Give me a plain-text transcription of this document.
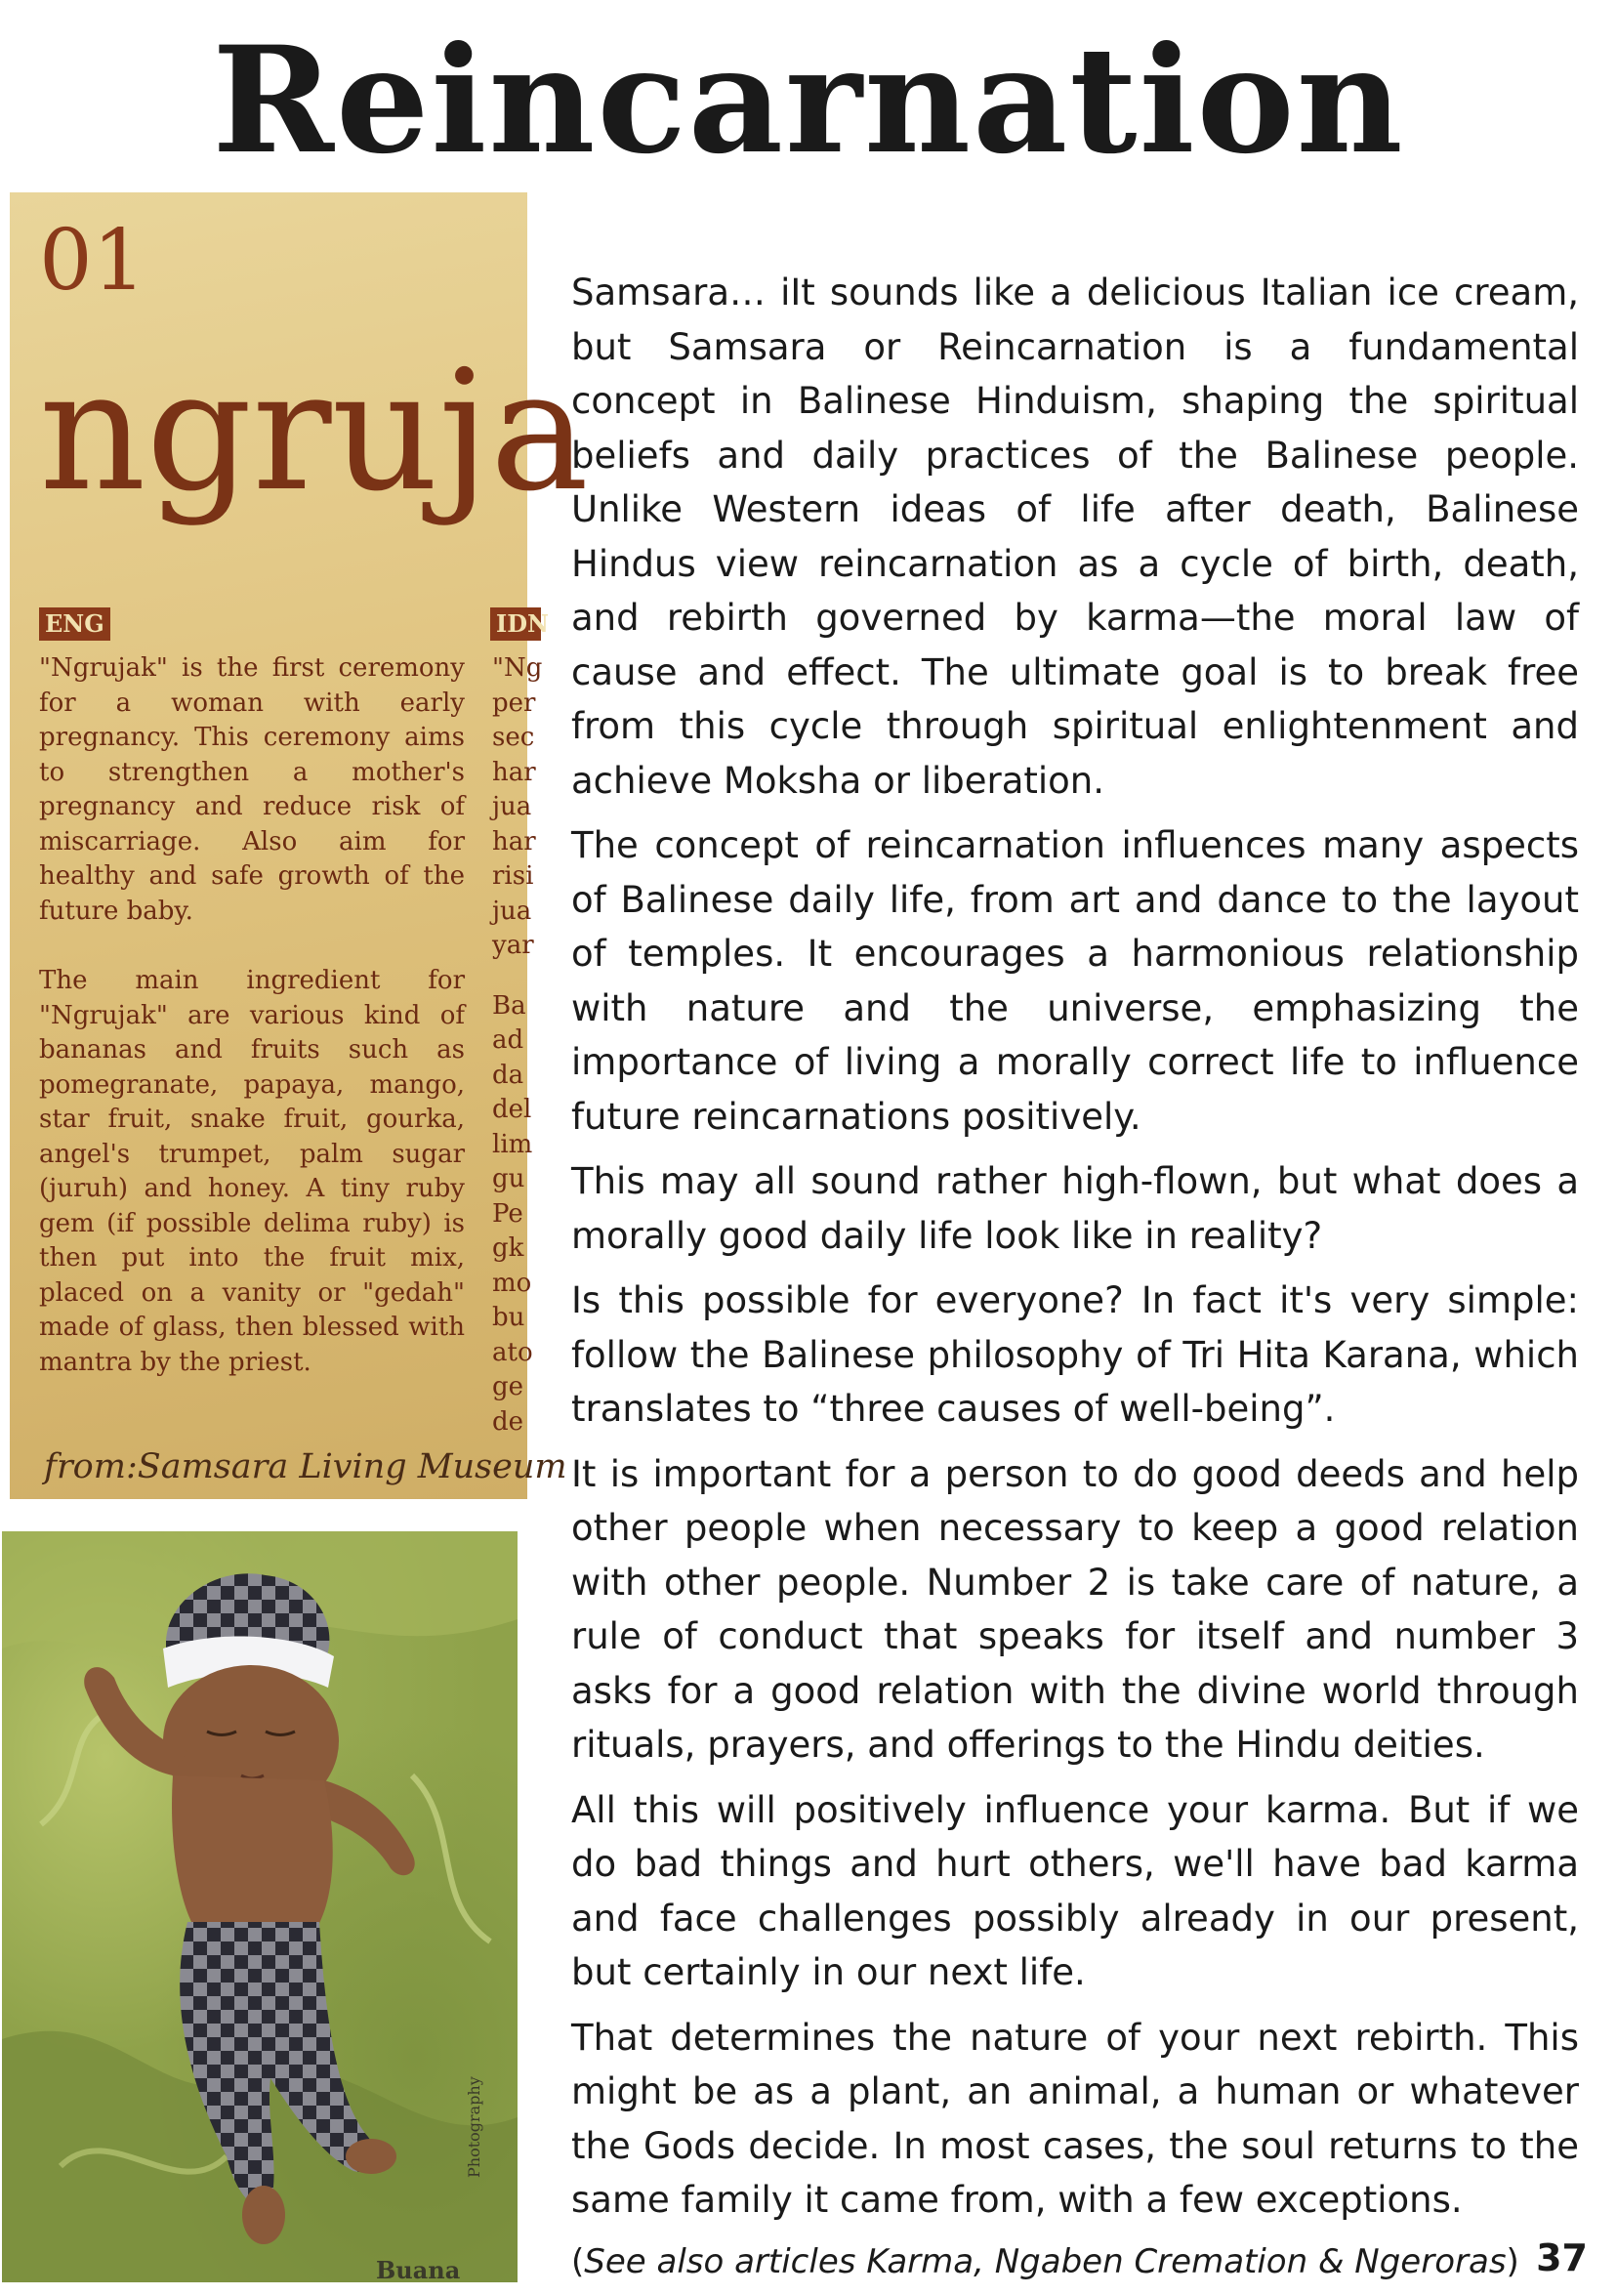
Reincarnation
01
ngruja
ENG	IDN
"Ngrujak" is the first ceremony for a woman with early pregnancy. This ceremony aims to strengthen a mother's pregnancy and reduce risk of miscarriage. Also aim for healthy and safe growth of the future baby.
The main ingredient for "Ngrujak" are various kind of bananas and fruits such as pomegranate, papaya, mango, star fruit, snake fruit, gourka, angel's trumpet, palm sugar (juruh) and honey. A tiny ruby gem (if possible delima ruby) is then put into the fruit mix, placed on a vanity or "gedah" made of glass, then blessed with mantra by the priest.
"Ng
per
sec
har
jua
har
risi
jua
yar
Ba
ad
da
del
lim
gu
Pe
gk
mo
bu
ato
ge
de
from:Samsara Living Museum
Photography
Buana

Samsara… iIt sounds like a delicious Italian ice cream, but Samsara or Reincarnation is a fundamental concept in Balinese Hinduism, shaping the spiritual beliefs and daily practices of the Balinese people. Unlike Western ideas of life after death, Balinese Hindus view reincarnation as a cycle of birth, death, and rebirth governed by karma—the moral law of cause and effect. The ultimate goal is to break free from this cycle through spiritual enlightenment and achieve Moksha or liberation.

The concept of reincarnation influences many aspects of Balinese daily life, from art and dance to the layout of temples. It encourages a harmonious relationship with nature and the universe, emphasizing the importance of living a morally correct life to influence future reincarnations positively.

This may all sound rather high-flown, but what does a morally good daily life look like in reality?

Is this possible for everyone? In fact it's very simple: follow the Balinese philosophy of Tri Hita Karana, which translates to “three causes of well-being”.

It is important for a person to do good deeds and help other people when necessary to keep a good relation with other people. Number 2 is take care of nature, a rule of conduct that speaks for itself and number 3 asks for a good relation with the divine world through rituals, prayers, and offerings to the Hindu deities.

All this will positively influence your karma. But if we do bad things and hurt others, we'll have bad karma and face challenges possibly already in our present, but certainly in our next life.

That determines the nature of your next rebirth. This might be as a plant, an animal, a human or whatever the Gods decide. In most cases, the soul returns to the same family it came from, with a few exceptions.

(See also articles Karma, Ngaben Cremation & Ngeroras) 37
